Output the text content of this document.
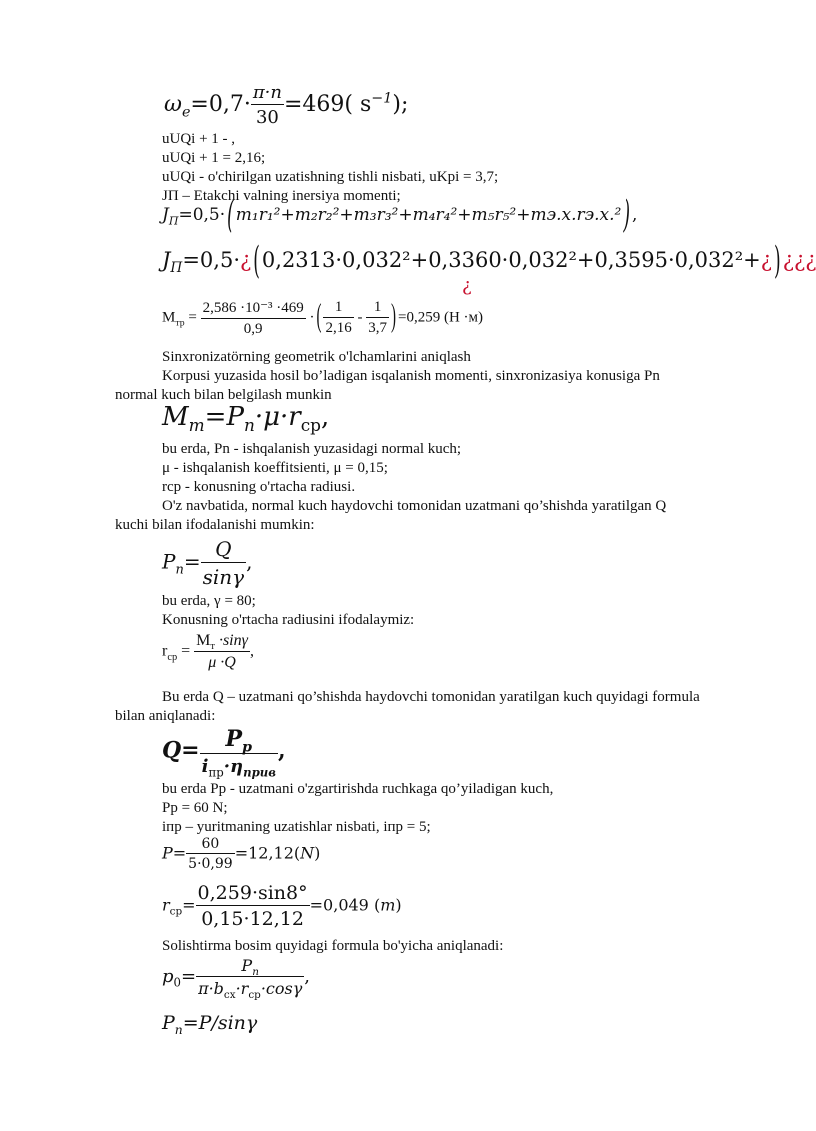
$\omega_e=0,7\cdot \frac{\pi\cdot n}{30} =469$( $s^{-1}$);
uUQi + 1 - ,
uUQi + 1 = 2,16;
uUQi - o'chirilgan uzatishning tishli nisbati, uKpi = 3,7;
JП – Etakchi valning inersiya momenti;
$J_П=0,5\cdot$ ( m₁r₁²+m₂r₂²+m₃r₃²+m₄r₄²+m₅r₅²+mэ.х.rэ.х.² ) ,
$J_П=0,5\cdot¿$ (0,2313·0,032²+0,3360·0,032²+0,3595·0,032²+¿ )¿¿¿
¿
$M_{тр} = \frac{\text{2,586 ·10⁻³ ·469}}{0,9}$ · ( $\frac{1}{2,16} - \frac{1}{3,7}$ ) =0,259 (Н ·м)
Sinxronizatörning geometrik o'lchamlarini aniqlash
Korpusi yuzasida hosil bo’ladigan isqalanish momenti, sinxronizasiya konusiga Pn
normal kuch bilan belgilash munkin
$M_m=P_n\cdot\mu\cdot r_{ср}$,
bu erda, Pn - ishqalanish yuzasidagi normal kuch;
μ - ishqalanish koeffitsienti, μ = 0,15;
rср - konusning o'rtacha radiusi.
O'z navbatida, normal kuch haydovchi tomonidan uzatmani qo’shishda yaratilgan Q
kuchi bilan ifodalanishi mumkin:
$P_n= \frac{Q}{\sin\gamma}$ ,
bu erda, γ = 80;
Konusning o'rtacha radiusini ifodalaymiz:
$r_{ср} = \frac{M_т \cdot\sin\gamma}{\mu \cdot Q}$ ,
Bu erda Q – uzatmani qo’shishda haydovchi tomonidan yaratilgan kuch quyidagi formula
bilan aniqlanadi:
$Q= \frac{P_p}{i_{пр}\cdot\eta_{прив}}$ ,
bu erda Pp - uzatmani o'zgartirishda ruchkaga qo’yiladigan kuch,
Pp = 60 N;
iпр – yuritmaning uzatishlar nisbati, iпр = 5;
$P= \frac{60}{5\cdot 0,99} =12,12(N)$
$r_{ср}= \frac{0,259\cdot\sin 8^\circ}{0,15\cdot 12,12} =0,049$ (m)
Solishtirma bosim quyidagi formula bo'yicha aniqlanadi:
$p_0= \frac{P_n}{\pi\cdot b_{сх}\cdot r_{ср}\cdot\cos\gamma}$ ,
$P_n=P$/sinγ
